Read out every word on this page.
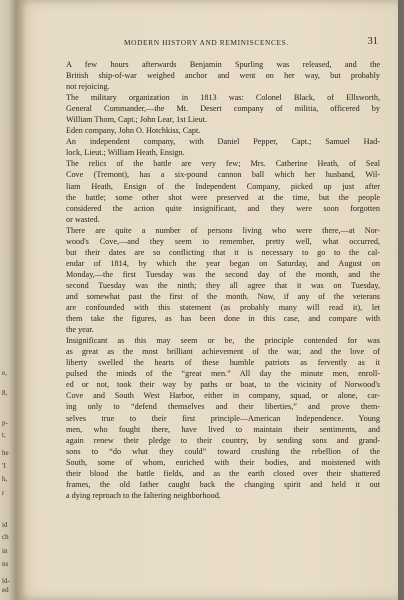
e,
8,
p-
t,
he
'I
h,
r
id
ch
in
ns
ld-
ed
MODERN HISTORY AND REMINISCENCES.	31
A few hours afterwards Benjamin Spurling was released, and the
British ship-of-war weighed anchor and went on her way, but probably
not rejoicing.
The military organization in 1813 was: Colonel Black, of Ellsworth,
General Commander,—the Mt. Desert company of militia, officered by
William Thom, Capt.; John Lear, 1st Lieut.
Eden company, John O. Hotchkiss, Capt.
An independent company, with Daniel Pepper, Capt.; Samuel Had-
lock, Lieut.; William Heath, Ensign.
The relics of the battle are very few; Mrs. Catherine Heath, of Seal
Cove (Tremont), has a six-pound cannon ball which her husband, Wil-
liam Heath, Ensign of the Independent Company, picked up just after
the battle; some other shot were preserved at the time, but the people
considered the action quite insignificant, and they were soon forgotten
or wasted.
There are quite a number of persons living who were there,—at Nor-
wood's Cove,—and they seem to remember, pretty well, what occurred,
but their dates are so conflicting that it is necessary to go to the cal-
endar of 1814, by which the year began on Saturday, and August on
Monday,—the first Tuesday was the second day of the month, and the
second Tuesday was the ninth; they all agree that it was on Tuesday,
and somewhat past the first of the month. Now, if any of the veterans
are confounded with this statement (as probably many will read it), let
them take the figures, as has been done in this case, and compare with
the year.
Insignificant as this may seem or be, the principle contended for was
as great as the most brilliant achievement of the war, and the love of
liberty swelled the hearts of these humble patriots as fervently as it
pulsed the minds of the “great men.” All day the minute men, enroll-
ed or not, took their way by paths or boat, to the vicinity of Norwood's
Cove and South West Harbor, either in company, squad, or alone, car-
ing only to “defend themselves and their liberties,” and prove them-
selves true to their first principle—American Independence. Young
men, who fought there, have lived to maintain their sentiments, and
again renew their pledge to their country, by sending sons and grand-
sons to “do what they could” toward crushing the rebellion of the
South, some of whom, enriched with their bodies, and moistened with
their blood the battle fields, and as the earth closed over their shattered
frames, the old father caught back the changing spirit and held it out
a dying reproach to the faltering neighborhood.
